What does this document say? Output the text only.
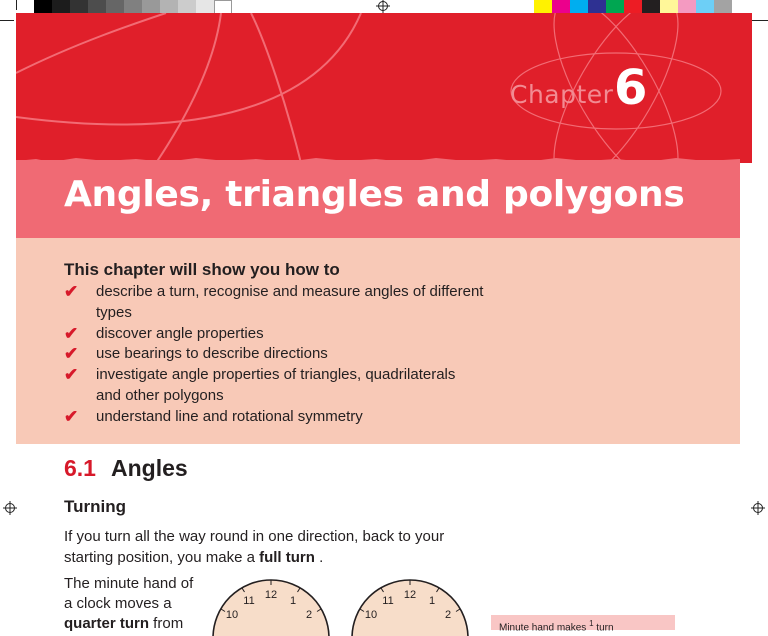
Chapter 6
Angles, triangles and polygons
This chapter will show you how to
✔ describe a turn, recognise and measure angles of different types
✔ discover angle properties
✔ use bearings to describe directions
✔ investigate angle properties of triangles, quadrilaterals and other polygons
✔ understand line and rotational symmetry
6.1 Angles
Turning

If you turn all the way round in one direction, back to your starting position, you make a full turn .

The minute hand of a clock moves a quarter turn from

12
11	1
10	2
12
11	1
10	2
Minute hand makes $^1$ turn
